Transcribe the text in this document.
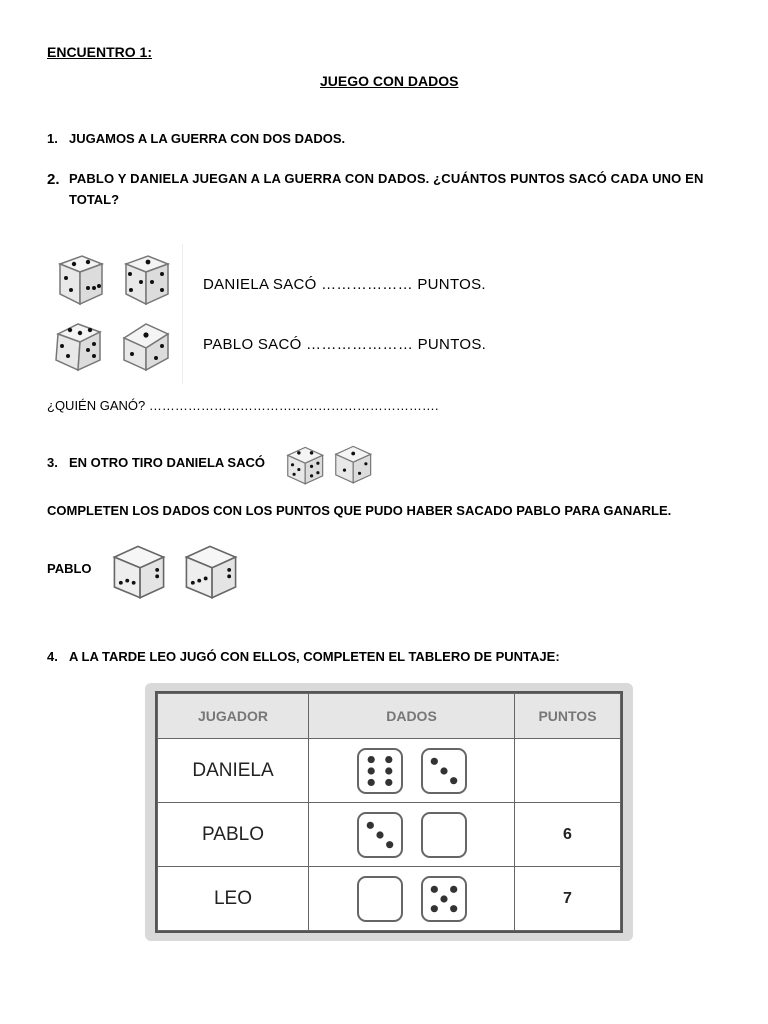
ENCUENTRO 1:
JUEGO CON DADOS
1. JUGAMOS A LA GUERRA CON DOS DADOS.
2. PABLO Y DANIELA JUEGAN A LA GUERRA CON DADOS. ¿CUÁNTOS PUNTOS SACÓ CADA UNO EN
TOTAL?
DANIELA SACÓ ……………… PUNTOS.
PABLO SACÓ ………………… PUNTOS.
¿QUIÉN GANÓ? ………………………………………………………….
3. EN OTRO TIRO DANIELA SACÓ
COMPLETEN LOS DADOS CON LOS PUNTOS QUE PUDO HABER SACADO PABLO PARA GANARLE.
PABLO
4. A LA TARDE LEO JUGÓ CON ELLOS, COMPLETEN EL TABLERO DE PUNTAJE:
JUGADOR	DADOS	PUNTOS
DANIELA	

PABLO		6
LEO		7
